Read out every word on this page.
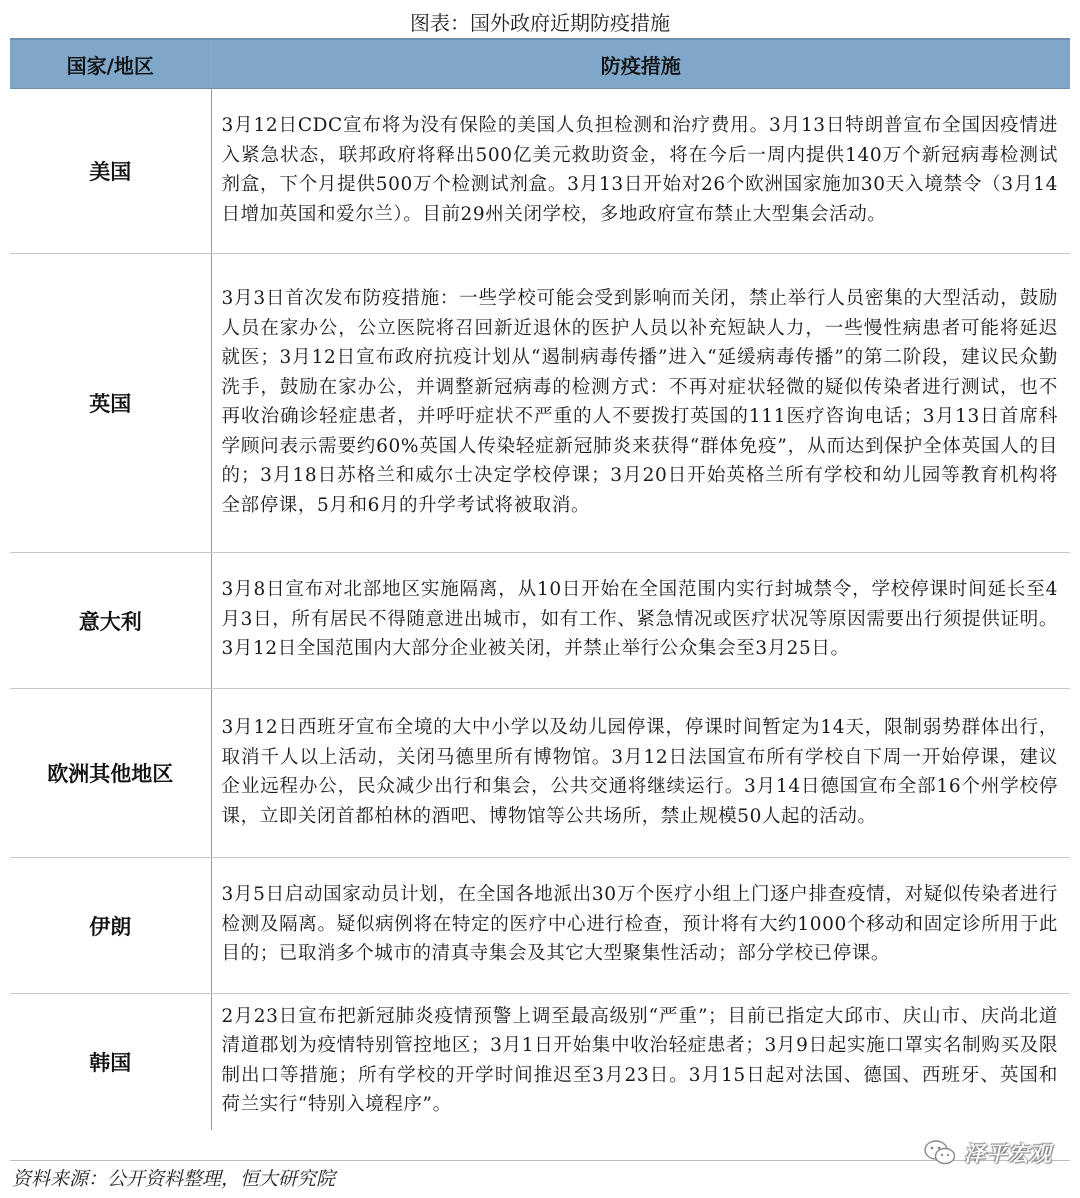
图表：国外政府近期防疫措施
国家/地区	防疫措施
美国	3月12日CDC宣布将为没有保险的美国人负担检测和治疗费用。3月13日特朗普宣布全国因疫情进入紧急状态，联邦政府将释出500亿美元救助资金，将在今后一周内提供140万个新冠病毒检测试剂盒，下个月提供500万个检测试剂盒。3月13日开始对26个欧洲国家施加30天入境禁令（3月14日增加英国和爱尔兰）。目前29州关闭学校，多地政府宣布禁止大型集会活动。
英国	3月3日首次发布防疫措施：一些学校可能会受到影响而关闭，禁止举行人员密集的大型活动，鼓励人员在家办公，公立医院将召回新近退休的医护人员以补充短缺人力，一些慢性病患者可能将延迟就医；3月12日宣布政府抗疫计划从“遏制病毒传播”进入“延缓病毒传播”的第二阶段，建议民众勤洗手，鼓励在家办公，并调整新冠病毒的检测方式：不再对症状轻微的疑似传染者进行测试，也不再收治确诊轻症患者，并呼吁症状不严重的人不要拨打英国的111医疗咨询电话；3月13日首席科学顾问表示需要约60%英国人传染轻症新冠肺炎来获得“群体免疫”，从而达到保护全体英国人的目的；3月18日苏格兰和威尔士决定学校停课；3月20日开始英格兰所有学校和幼儿园等教育机构将全部停课，5月和6月的升学考试将被取消。
意大利	3月8日宣布对北部地区实施隔离，从10日开始在全国范围内实行封城禁令，学校停课时间延长至4月3日，所有居民不得随意进出城市，如有工作、紧急情况或医疗状况等原因需要出行须提供证明。3月12日全国范围内大部分企业被关闭，并禁止举行公众集会至3月25日。
欧洲其他地区	3月12日西班牙宣布全境的大中小学以及幼儿园停课，停课时间暂定为14天，限制弱势群体出行，取消千人以上活动，关闭马德里所有博物馆。3月12日法国宣布所有学校自下周一开始停课，建议企业远程办公，民众减少出行和集会，公共交通将继续运行。3月14日德国宣布全部16个州学校停课，立即关闭首都柏林的酒吧、博物馆等公共场所，禁止规模50人起的活动。
伊朗	3月5日启动国家动员计划，在全国各地派出30万个医疗小组上门逐户排查疫情，对疑似传染者进行检测及隔离。疑似病例将在特定的医疗中心进行检查，预计将有大约1000个移动和固定诊所用于此目的；已取消多个城市的清真寺集会及其它大型聚集性活动；部分学校已停课。
韩国	2月23日宣布把新冠肺炎疫情预警上调至最高级别“严重”；目前已指定大邱市、庆山市、庆尚北道清道郡划为疫情特别管控地区；3月1日开始集中收治轻症患者；3月9日起实施口罩实名制购买及限制出口等措施；所有学校的开学时间推迟至3月23日。3月15日起对法国、德国、西班牙、英国和荷兰实行“特别入境程序”。
资料来源：公开资料整理，恒大研究院
泽平宏观
